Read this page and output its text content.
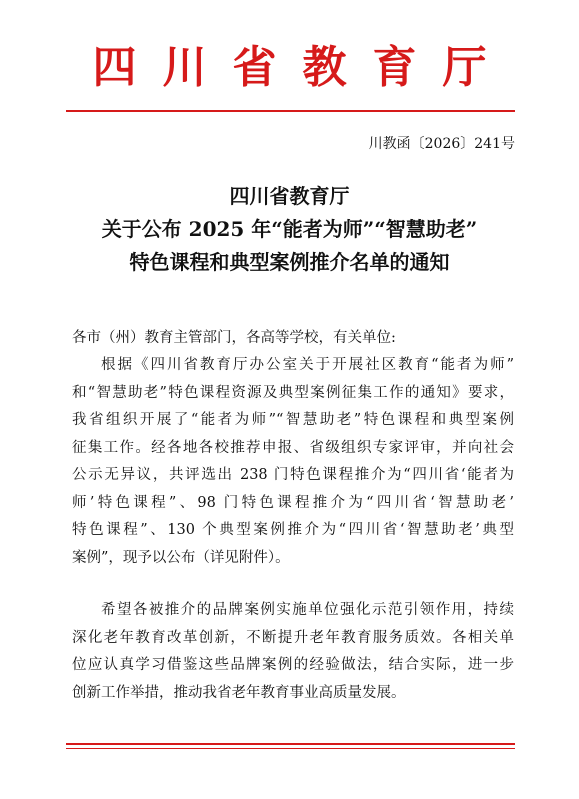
四川省教育厅
川教函〔2026〕241号
四川省教育厅
关于公布 2025 年“能者为师”“智慧助老”
特色课程和典型案例推介名单的通知
各市（州）教育主管部门，各高等学校，有关单位:
根据《四川省教育厅办公室关于开展社区教育“能者为师”
和“智慧助老”特色课程资源及典型案例征集工作的通知》要求，
我省组织开展了“能者为师”“智慧助老”特色课程和典型案例
征集工作。经各地各校推荐申报、省级组织专家评审，并向社会
公示无异议，共评选出 238 门特色课程推介为“四川省‘能者为
师’特色课程”、98 门特色课程推介为“四川省‘智慧助老’
特色课程”、130 个典型案例推介为“四川省‘智慧助老’典型
案例”，现予以公布（详见附件）。
希望各被推介的品牌案例实施单位强化示范引领作用，持续
深化老年教育改革创新，不断提升老年教育服务质效。各相关单
位应认真学习借鉴这些品牌案例的经验做法，结合实际，进一步
创新工作举措，推动我省老年教育事业高质量发展。
